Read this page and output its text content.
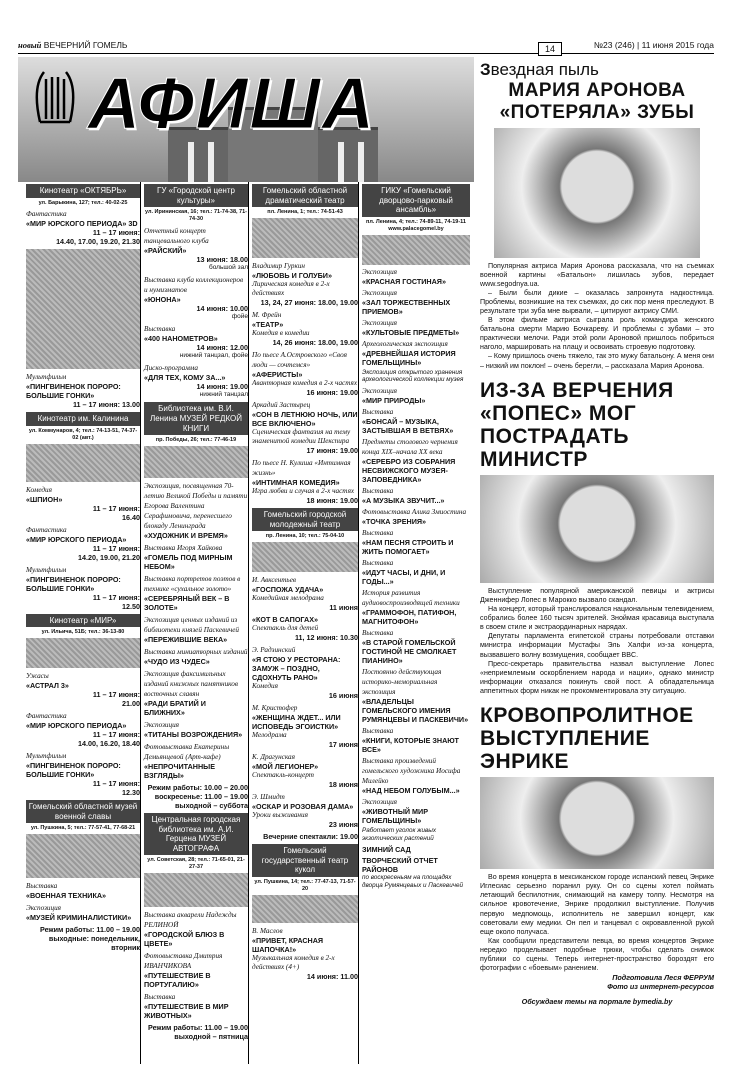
новый ВЕЧЕРНИЙ ГОМЕЛЬ	14	№23 (246) | 11 июня 2015 года
АФИША
Кинотеатр «ОКТЯБРЬ»
ул. Барыкина, 127; тел.: 40-02-25
Фантастика
«МИР ЮРСКОГО ПЕРИОДА» 3D
11 – 17 июня:
14.40, 17.00, 19.20, 21.30
Мультфильм
«ПИНГВИНЕНОК ПОРОРО: БОЛЬШИЕ ГОНКИ»
11 – 17 июня: 13.00
Кинотеатр им. Калинина
ул. Коммунаров, 4; тел.: 74-13-51, 74-37-02 (авт.)
Комедия
«ШПИОН»
11 – 17 июня:
16.40
Фантастика
«МИР ЮРСКОГО ПЕРИОДА»
11 – 17 июня:
14.20, 19.00, 21.20
Мультфильм
«ПИНГВИНЕНОК ПОРОРО: БОЛЬШИЕ ГОНКИ»
11 – 17 июня:
12.50
Кинотеатр «МИР»
ул. Ильича, 51Б; тел.: 36-13-80
Ужасы
«АСТРАЛ 3»
11 – 17 июня:
21.00
Фантастика
«МИР ЮРСКОГО ПЕРИОДА»
11 – 17 июня:
14.00, 16.20, 18.40
Мультфильм
«ПИНГВИНЕНОК ПОРОРО: БОЛЬШИЕ ГОНКИ»
11 – 17 июня:
12.30
Гомельский областной музей военной славы
ул. Пушкина, 5; тел.: 77-57-41, 77-68-21
Выставка
«ВОЕННАЯ ТЕХНИКА»
Экспозиция
«МУЗЕЙ КРИМИНАЛИСТИКИ»
Режим работы: 11.00 – 19.00 выходные: понедельник, вторник
ГУ «Городской центр культуры»
ул. Ирининская, 16; тел.: 71-74-38, 71-74-30
Отчетный концерт танцевального клуба
«РАЙСКИЙ»
13 июня: 18.00
большой зал
Выставка клуба коллекционеров и нумизматов
«ЮНОНА»
14 июня: 10.00
фойе
Выставка
«400 НАНОМЕТРОВ»
14 июня: 12.00
нижний танцзал, фойе
Диско-программа
«ДЛЯ ТЕХ, КОМУ ЗА...»
14 июня: 19.00
нижний танцзал
Библиотека им. В.И. Ленина МУЗЕЙ РЕДКОЙ КНИГИ
пр. Победы, 26; тел.: 77-46-19
Экспозиция, посвященная 70-летию Великой Победы и памяти Егорова Валентина Серафимовича, перенесшего блокаду Ленинграда
«ХУДОЖНИК И ВРЕМЯ»
Выставка Игоря Хайкова
«ГОМЕЛЬ ПОД МИРНЫМ НЕБОМ»
Выставка портретов поэтов в технике «сухальное золото»
«СЕРЕБРЯНЫЙ ВЕК – В ЗОЛОТЕ»
Экспозиция ценных изданий из библиотеки князей Паскевичей
«ПЕРЕЖИВШИЕ ВЕКА»
Выставка миниатюрных изданий
«ЧУДО ИЗ ЧУДЕС»
Экспозиция факсимильных изданий книжных памятников восточных славян
«РАДИ БРАТИЙ И БЛИЖНИХ»
Экспозиция
«ТИТАНЫ ВОЗРОЖДЕНИЯ»
Фотовыставка Екатерины Демьянцевой (Арт-кафе)
«НЕПРОЧИТАННЫЕ ВЗГЛЯДЫ»
Режим работы: 10.00 – 20.00 воскресенье: 11.00 – 19.00 выходной – суббота
Центральная городская библиотека им. А.И. Герцена МУЗЕЙ АВТОГРАФА
ул. Советская, 28; тел.: 71-65-01, 21-27-37
Выставка акварели Надежды РЕЛИНОЙ
«ГОРОДСКОЙ БЛЮЗ В ЦВЕТЕ»
Фотовыставка Дмитрия ИВАНЧИКОВА
«ПУТЕШЕСТВИЕ В ПОРТУГАЛИЮ»
Выставка
«ПУТЕШЕСТВИЕ В МИР ЖИВОТНЫХ»
Режим работы: 11.00 – 19.00 выходной – пятница
Гомельский областной драматический театр
пл. Ленина, 1; тел.: 74-51-43
Владимир Гуркин
«ЛЮБОВЬ И ГОЛУБИ»
Лирическая комедия в 2-х действиях
13, 24, 27 июня: 18.00, 19.00
М. Фрейн
«ТЕАТР»
Комедия в комедии
14, 26 июня: 18.00, 19.00
По пьесе А.Островского «Своя люди — сочтемся»
«АФЕРИСТЫ»
Авантюрная комедия в 2-х частях
16 июня: 19.00
Аркадий Застырец
«СОН В ЛЕТНЮЮ НОЧЬ, ИЛИ ВСЕ ВКЛЮЧЕНО»
Сценическая фантазия на тему знаменитой комедии Шекспира
17 июня: 19.00
По пьесе Н. Кулиша «Интимная жизнь»
«ИНТИМНАЯ КОМЕДИЯ»
Игра любви и случая в 2-х частях
18 июня: 19.00
Гомельский городской молодежный театр
пр. Ленина, 10; тел.: 75-04-10
И. Авксентьев
«ГОСПОЖА УДАЧА»
Комедийная мелодрама
11 июня
«КОТ В САПОГАХ»
Спектакль для детей
11, 12 июня: 10.30
Э. Радзинский
«Я СТОЮ У РЕСТОРАНА: ЗАМУЖ – ПОЗДНО, СДОХНУТЬ РАНО»
Комедия
16 июня
М. Кристофер
«ЖЕНЩИНА ЖДЕТ... ИЛИ ИСПОВЕДЬ ЭГОИСТКИ»
Мелодрама
17 июня
К. Драгунская
«МОЙ ЛЕГИОНЕР»
Спектакль-концерт
18 июня
Э. Шмидт
«ОСКАР И РОЗОВАЯ ДАМА»
Уроки выживания
23 июня
Вечерние спектакли: 19.00
Гомельский государственный театр кукол
ул. Пушкина, 14; тел.: 77-47-13, 71-57-20
В. Маслов
«ПРИВЕТ, КРАСНАЯ ШАПОЧКА!»
Музыкальная комедия в 2-х действиях (4+)
14 июня: 11.00
ГИКУ «Гомельский дворцово-парковый ансамбль»
пл. Ленина, 4; тел.: 74-89-11, 74-19-11 www.palacegomel.by
Экспозиция
«КРАСНАЯ ГОСТИНАЯ»
Экспозиция
«ЗАЛ ТОРЖЕСТВЕННЫХ ПРИЕМОВ»
Экспозиция
«КУЛЬТОВЫЕ ПРЕДМЕТЫ»
Археологическая экспозиция
«ДРЕВНЕЙШАЯ ИСТОРИЯ ГОМЕЛЬЩИНЫ»
Экспозиция открытого хранения археологической коллекции музея
Экспозиция
«МИР ПРИРОДЫ»
Выставка
«БОНСАЙ – МУЗЫКА, ЗАСТЫВШАЯ В ВЕТВЯХ»
Предметы столового чернения конца XIX–начала XX века
«СЕРЕБРО ИЗ СОБРАНИЯ НЕСВИЖСКОГО МУЗЕЯ-ЗАПОВЕДНИКА»
Выставка
«А МУЗЫКА ЗВУЧИТ...»
Фотовыставка Алика Змиостина
«ТОЧКА ЗРЕНИЯ»
Выставка
«НАМ ПЕСНЯ СТРОИТЬ И ЖИТЬ ПОМОГАЕТ»
Выставка
«ИДУТ ЧАСЫ, И ДНИ, И ГОДЫ...»
История развития аудиовоспроизводящей техники
«ГРАММОФОН, ПАТИФОН, МАГНИТОФОН»
Выставка
«В СТАРОЙ ГОМЕЛЬСКОЙ ГОСТИНОЙ НЕ СМОЛКАЕТ ПИАНИНО»
Постоянно действующая историко-мемориальная экспозиция
«ВЛАДЕЛЬЦЫ ГОМЕЛЬСКОГО ИМЕНИЯ РУМЯНЦЕВЫ И ПАСКЕВИЧИ»
Выставка
«КНИГИ, КОТОРЫЕ ЗНАЮТ ВСЕ»
Выставка произведений гомельского художника Иосифа Милейко
«НАД НЕБОМ ГОЛУБЫМ...»
Экспозиция
«ЖИВОТНЫЙ МИР ГОМЕЛЬЩИНЫ»
Работает уголок живых экзотических растений
ЗИМНИЙ САД
ТВОРЧЕСКИЙ ОТЧЕТ РАЙОНОВ
по воскресеньям на площадях дворца Румянцевых и Паскевичей
Звездная пыль
МАРИЯ АРОНОВА «ПОТЕРЯЛА» ЗУБЫ

Популярная актриса Мария Аронова рассказала, что на съемках военной картины «Батальон» лишилась зубов, передает www.segodnya.ua.

– Были были дикие – оказалась запрокнута надкостница. Проблемы, возникшие на тех съемках, до сих пор меня преследуют. В результате три зуба мне вырвали, – цитируют актрису СМИ.

В этом фильме актриса сыграла роль командира женского батальона смерти Марию Бочкареву. И проблемы с зубами – это практически мелочи. Ради этой роли Ароновой пришлось побриться наголо, маршировать на плацу и освоивать строевую подготовку.

– Кому пришлось очень тяжело, так это мужу батальону. А меня они – низкий им поклон! – очень берегли, – рассказала Мария Аронова.

ИЗ-ЗА ВЕРЧЕНИЯ «ПОПЕС» МОГ ПОСТРАДАТЬ МИНИСТР

Выступление популярной американской певицы и актрисы Дженнифер Лопес в Марокко вызвало скандал.

На концерт, который транслировался национальным телевидением, собрались более 160 тысяч зрителей. Зноймая красавица выступала в своем стиле и экстраординарных нарядах.

Депутаты парламента египетской страны потребовали отставки министра информации Мустафы Эль Халфи из-за концерта, вызвавшего волну возмущения, сообщает BBC.

Пресс-секретарь правительства назвал выступление Лопес «неприемлемым оскорблением народа и нации», однако министр информации отказался покинуть свой пост. А обладательница аппетитных форм никак не прокомментировала эту ситуацию.

КРОВОПРОЛИТНОЕ ВЫСТУПЛЕНИЕ ЭНРИКЕ

Во время концерта в мексиканском городе испанский певец Энрике Иглесиас серьезно поранил руку. Он со сцены хотел поймать летающий беспилотник, снимающий на камеру толпу. Несмотря на сильное кровотечение, Энрике продолжил выступление. Получив первую медпомощь, исполнитель не завершил концерт, как советовали ему медики. Он пел и танцевал с окровавленной рукой еще около получаса.

Как сообщили представители певца, во время концертов Энрике нередко проделывает подобные трюки, чтобы сделать снимок публики со сцены. Теперь интернет-пространство бороздят его фотографии с «боевым» ранением.

Подготовила Леся ФЕРРУМ
Фото из интернет-ресурсов
Обсуждаем темы на портале bymedia.by
